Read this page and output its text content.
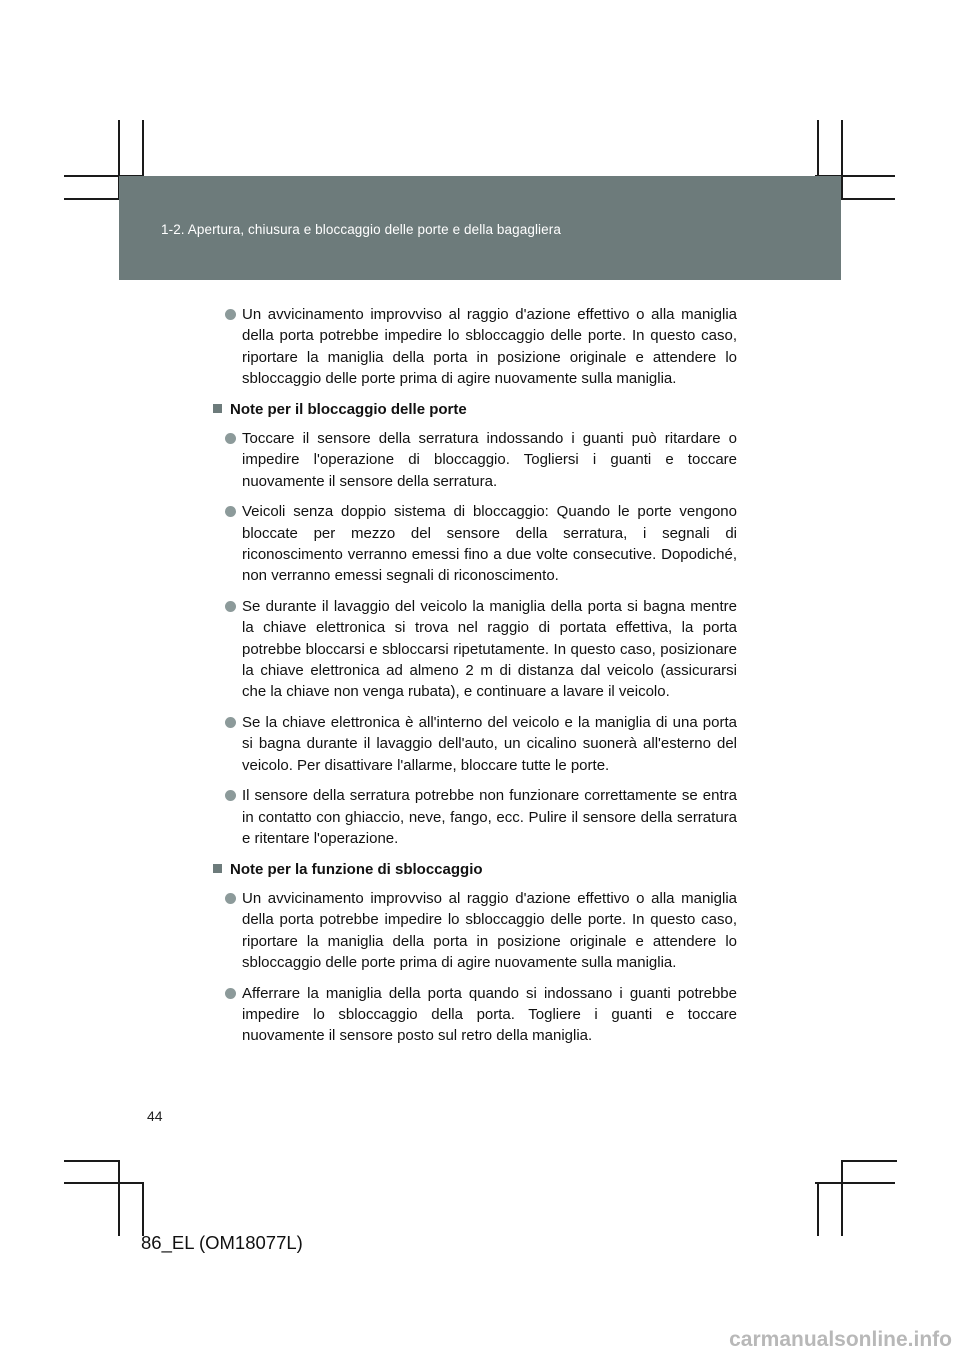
1-2. Apertura, chiusura e bloccaggio delle porte e della bagagliera
Un avvicinamento improvviso al raggio d'azione effettivo o alla maniglia della porta potrebbe impedire lo sbloccaggio delle porte. In questo caso, riportare la maniglia della porta in posizione originale e attendere lo sbloccaggio delle porte prima di agire nuovamente sulla maniglia.
Note per il bloccaggio delle porte
Toccare il sensore della serratura indossando i guanti può ritardare o impedire l'operazione di bloccaggio. Togliersi i guanti e toccare nuovamente il sensore della serratura.
Veicoli senza doppio sistema di bloccaggio: Quando le porte vengono bloccate per mezzo del sensore della serratura, i segnali di riconoscimento verranno emessi fino a due volte consecutive. Dopodiché, non verranno emessi segnali di riconoscimento.
Se durante il lavaggio del veicolo la maniglia della porta si bagna mentre la chiave elettronica si trova nel raggio di portata effettiva, la porta potrebbe bloccarsi e sbloccarsi ripetutamente. In questo caso, posizionare la chiave elettronica ad almeno 2 m di distanza dal veicolo (assicurarsi che la chiave non venga rubata), e continuare a lavare il veicolo.
Se la chiave elettronica è all'interno del veicolo e la maniglia di una porta si bagna durante il lavaggio dell'auto, un cicalino suonerà all'esterno del veicolo. Per disattivare l'allarme, bloccare tutte le porte.
Il sensore della serratura potrebbe non funzionare correttamente se entra in contatto con ghiaccio, neve, fango, ecc. Pulire il sensore della serratura e ritentare l'operazione.
Note per la funzione di sbloccaggio
Un avvicinamento improvviso al raggio d'azione effettivo o alla maniglia della porta potrebbe impedire lo sbloccaggio delle porte. In questo caso, riportare la maniglia della porta in posizione originale e attendere lo sbloccaggio delle porte prima di agire nuovamente sulla maniglia.
Afferrare la maniglia della porta quando si indossano i guanti potrebbe impedire lo sbloccaggio della porta. Togliere i guanti e toccare nuovamente il sensore posto sul retro della maniglia.
44
86_EL (OM18077L)
carmanualsonline.info
